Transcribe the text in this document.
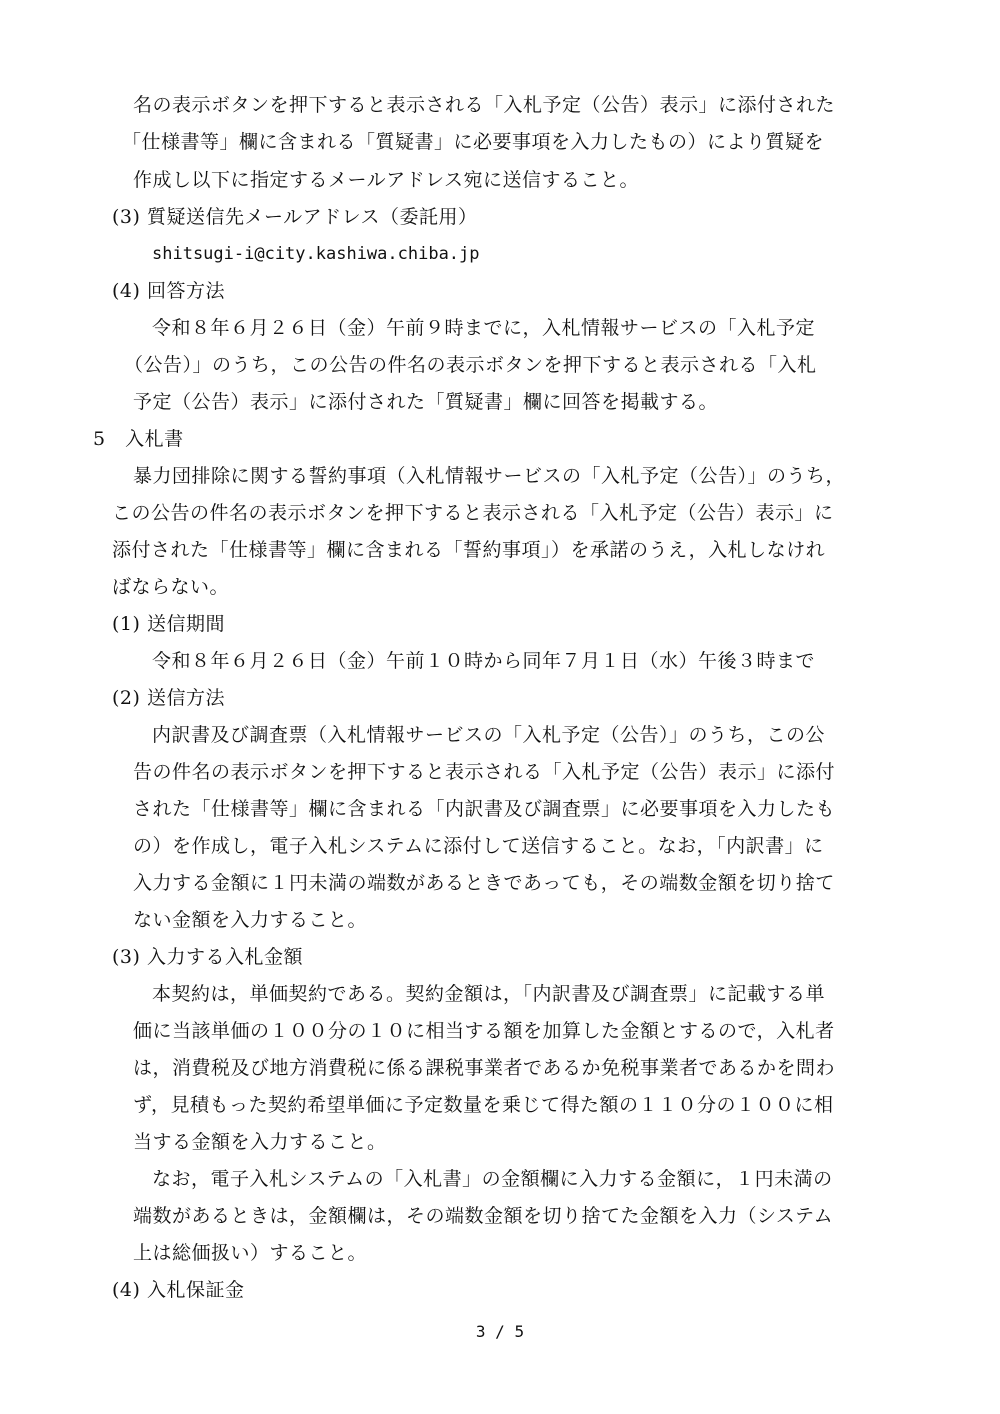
名の表示ボタンを押下すると表示される「入札予定（公告）表示」に添付された
「仕様書等」欄に含まれる「質疑書」に必要事項を入力したもの）により質疑を
作成し以下に指定するメールアドレス宛に送信すること。
(3) 質疑送信先メールアドレス（委託用）
shitsugi-i@city.kashiwa.chiba.jp
(4) 回答方法
令和８年６月２６日（金）午前９時までに，入札情報サービスの「入札予定
（公告）」のうち，この公告の件名の表示ボタンを押下すると表示される「入札
予定（公告）表示」に添付された「質疑書」欄に回答を掲載する。
5　入札書
暴力団排除に関する誓約事項（入札情報サービスの「入札予定（公告）」のうち，
この公告の件名の表示ボタンを押下すると表示される「入札予定（公告）表示」に
添付された「仕様書等」欄に含まれる「誓約事項」）を承諾のうえ，入札しなけれ
ばならない。
(1) 送信期間
令和８年６月２６日（金）午前１０時から同年７月１日（水）午後３時まで
(2) 送信方法
内訳書及び調査票（入札情報サービスの「入札予定（公告）」のうち，この公
告の件名の表示ボタンを押下すると表示される「入札予定（公告）表示」に添付
された「仕様書等」欄に含まれる「内訳書及び調査票」に必要事項を入力したも
の）を作成し，電子入札システムに添付して送信すること。なお，「内訳書」に
入力する金額に１円未満の端数があるときであっても，その端数金額を切り捨て
ない金額を入力すること。
(3) 入力する入札金額
本契約は，単価契約である。契約金額は，「内訳書及び調査票」に記載する単
価に当該単価の１００分の１０に相当する額を加算した金額とするので，入札者
は，消費税及び地方消費税に係る課税事業者であるか免税事業者であるかを問わ
ず，見積もった契約希望単価に予定数量を乗じて得た額の１１０分の１００に相
当する金額を入力すること。
なお，電子入札システムの「入札書」の金額欄に入力する金額に，１円未満の
端数があるときは，金額欄は，その端数金額を切り捨てた金額を入力（システム
上は総価扱い）すること。
(4) 入札保証金
3 / 5
